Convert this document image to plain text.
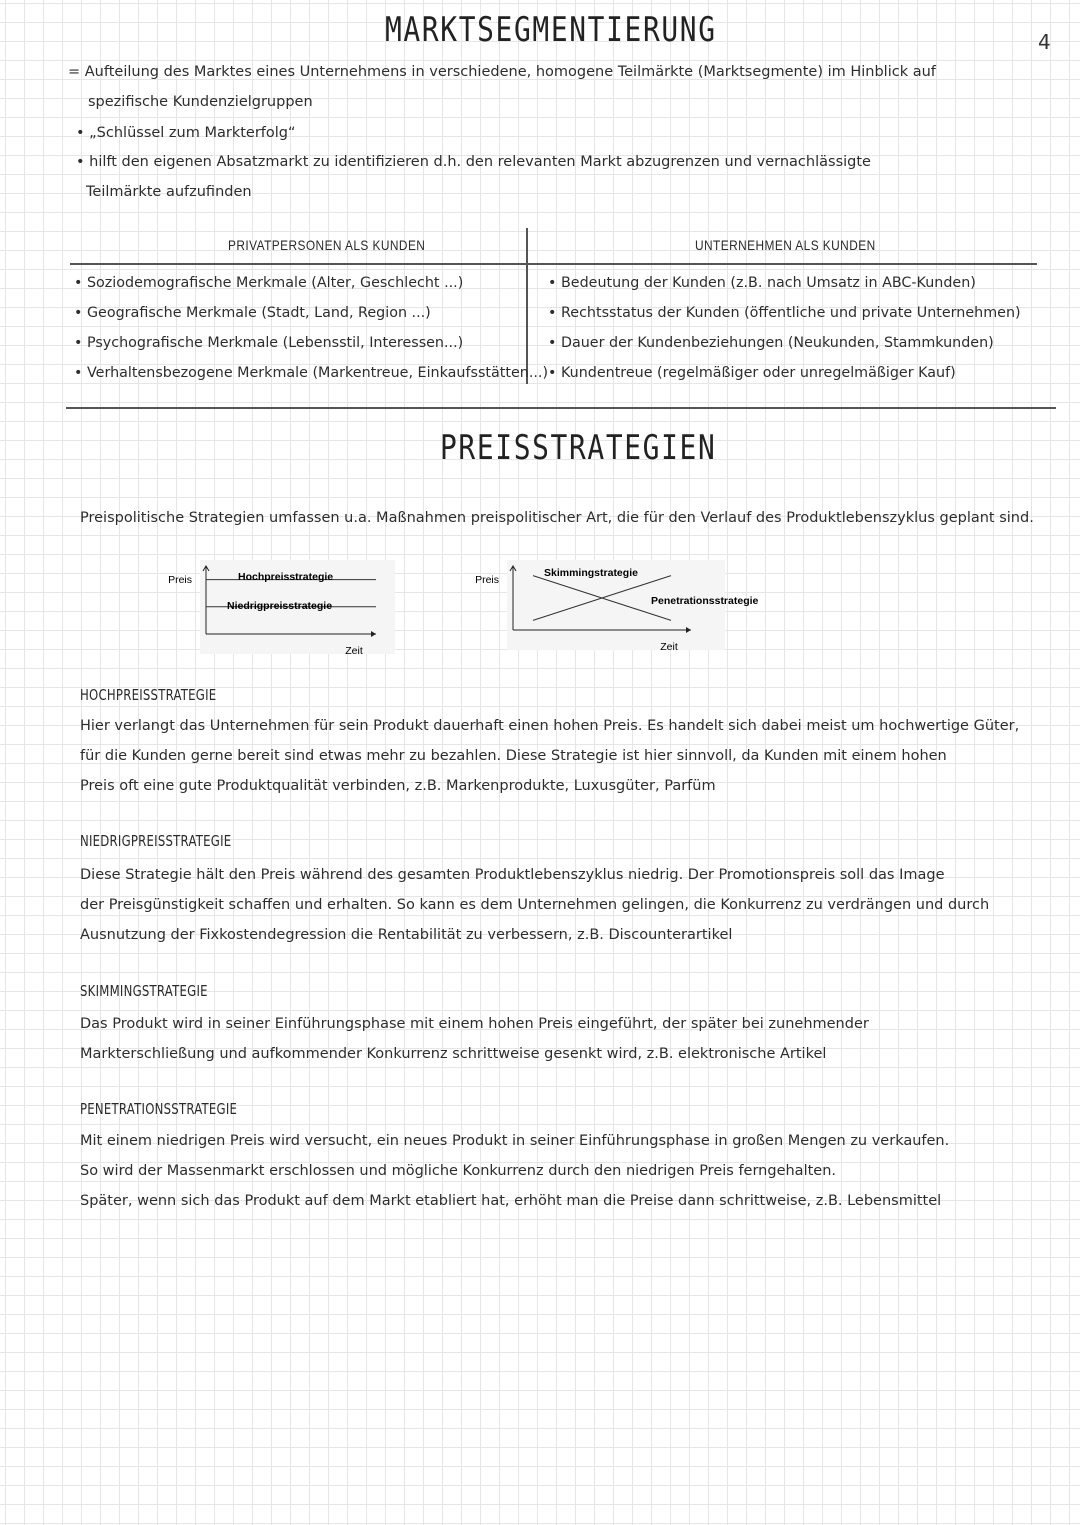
MARKTSEGMENTIERUNG	4
= Aufteilung des Marktes eines Unternehmens in verschiedene, homogene Teilmärkte (Marktsegmente) im Hinblick auf
spezifische Kundenzielgruppen
• „Schlüssel zum Markterfolg“
• hilft den eigenen Absatzmarkt zu identifizieren d.h. den relevanten Markt abzugrenzen und vernachlässigte
Teilmärkte aufzufinden
PRIVATPERSONEN ALS KUNDEN	UNTERNEHMEN ALS KUNDEN
• Soziodemografische Merkmale (Alter, Geschlecht ...)
• Geografische Merkmale (Stadt, Land, Region ...)
• Psychografische Merkmale (Lebensstil, Interessen...)
• Verhaltensbezogene Merkmale (Markentreue, Einkaufsstätten...)
• Bedeutung der Kunden (z.B. nach Umsatz in ABC-Kunden)
• Rechtsstatus der Kunden (öffentliche und private Unternehmen)
• Dauer der Kundenbeziehungen (Neukunden, Stammkunden)
• Kundentreue (regelmäßiger oder unregelmäßiger Kauf)
PREISSTRATEGIEN
Preispolitische Strategien umfassen u.a. Maßnahmen preispolitischer Art, die für den Verlauf des Produktlebenszyklus geplant sind.
Preis
Zeit
Hochpreisstrategie
Niedrigpreisstrategie
Preis
Zeit
Skimmingstrategie
Penetrationsstrategie
HOCHPREISSTRATEGIE
Hier verlangt das Unternehmen für sein Produkt dauerhaft einen hohen Preis. Es handelt sich dabei meist um hochwertige Güter,
für die Kunden gerne bereit sind etwas mehr zu bezahlen. Diese Strategie ist hier sinnvoll, da Kunden mit einem hohen
Preis oft eine gute Produktqualität verbinden, z.B. Markenprodukte, Luxusgüter, Parfüm
NIEDRIGPREISSTRATEGIE
Diese Strategie hält den Preis während des gesamten Produktlebenszyklus niedrig. Der Promotionspreis soll das Image
der Preisgünstigkeit schaffen und erhalten. So kann es dem Unternehmen gelingen, die Konkurrenz zu verdrängen und durch
Ausnutzung der Fixkostendegression die Rentabilität zu verbessern, z.B. Discounterartikel
SKIMMINGSTRATEGIE
Das Produkt wird in seiner Einführungsphase mit einem hohen Preis eingeführt, der später bei zunehmender
Markterschließung und aufkommender Konkurrenz schrittweise gesenkt wird, z.B. elektronische Artikel
PENETRATIONSSTRATEGIE
Mit einem niedrigen Preis wird versucht, ein neues Produkt in seiner Einführungsphase in großen Mengen zu verkaufen.
So wird der Massenmarkt erschlossen und mögliche Konkurrenz durch den niedrigen Preis ferngehalten.
Später, wenn sich das Produkt auf dem Markt etabliert hat, erhöht man die Preise dann schrittweise, z.B. Lebensmittel
